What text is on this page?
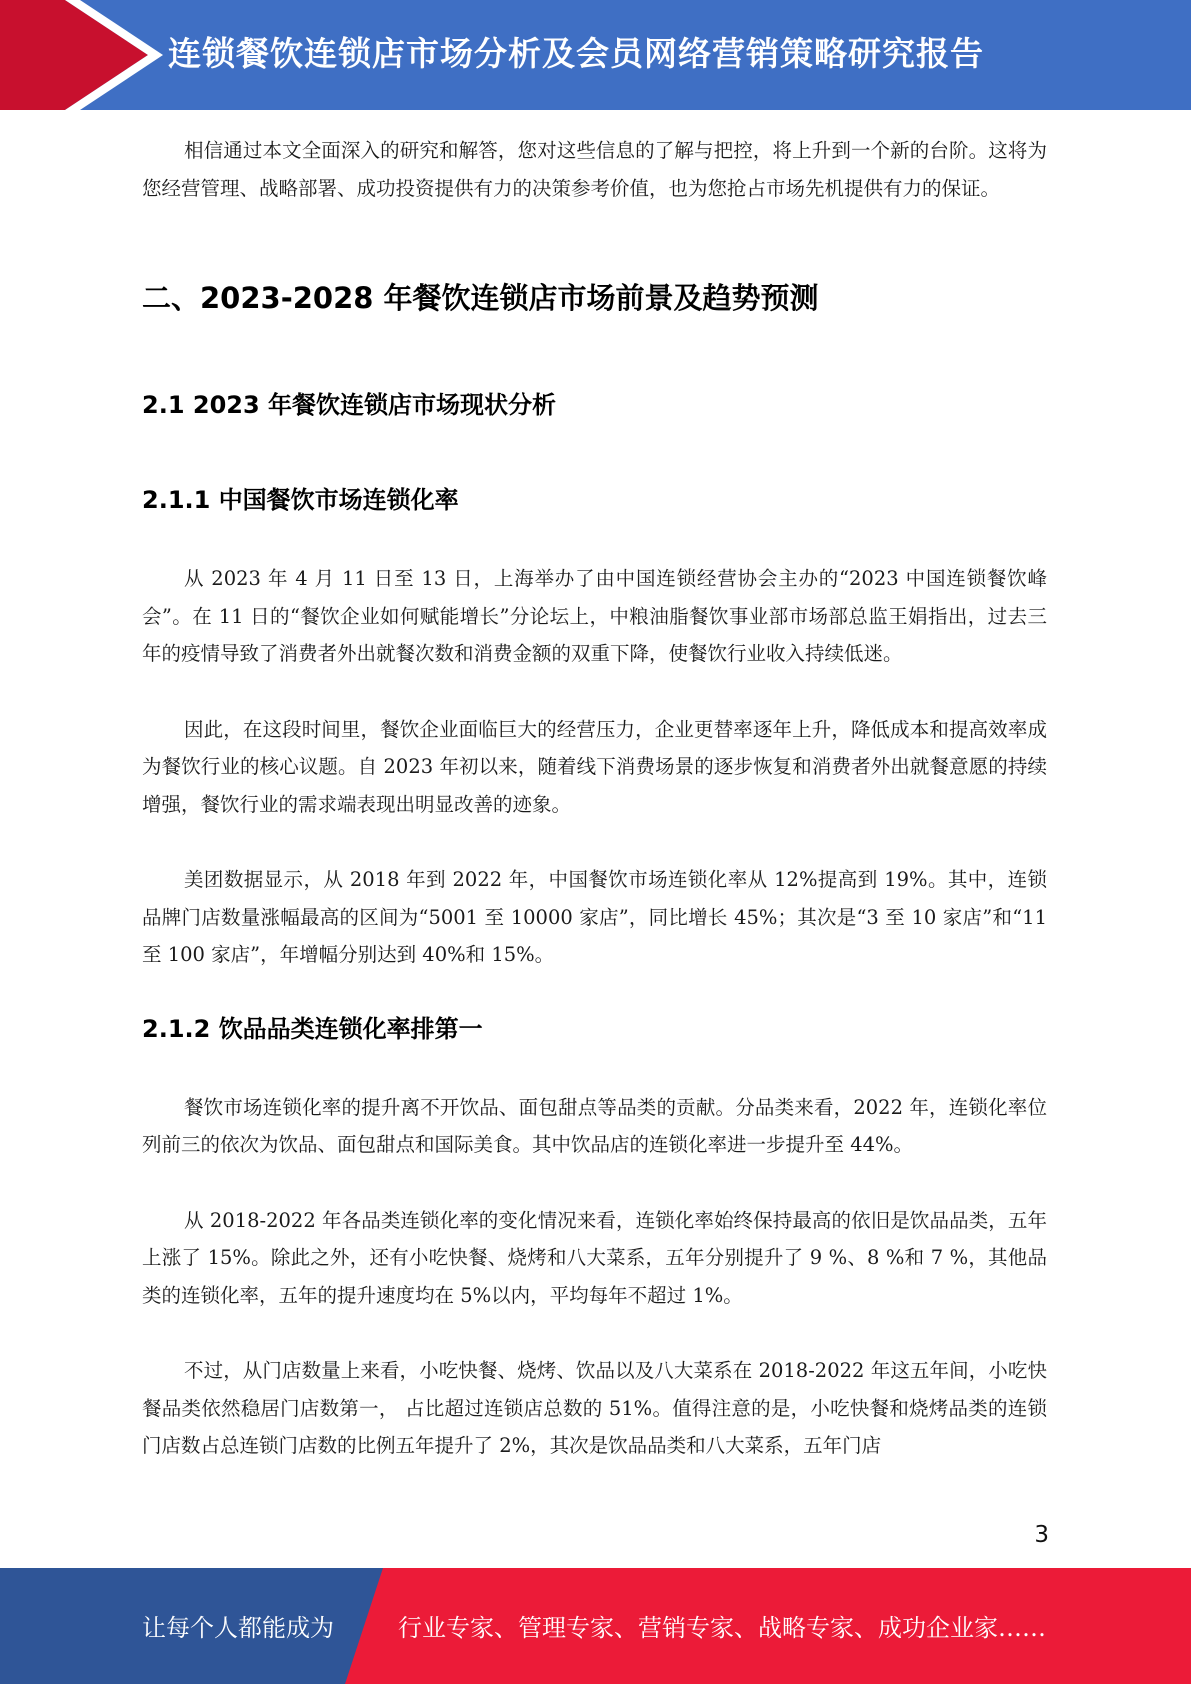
连锁餐饮连锁店市场分析及会员网络营销策略研究报告

相信通过本文全面深入的研究和解答，您对这些信息的了解与把控，将上升到一个新的台阶。这将为您经营管理、战略部署、成功投资提供有力的决策参考价值，也为您抢占市场先机提供有力的保证。

二、2023-2028 年餐饮连锁店市场前景及趋势预测
2.1 2023 年餐饮连锁店市场现状分析
2.1.1 中国餐饮市场连锁化率

从 2023 年 4 月 11 日至 13 日，上海举办了由中国连锁经营协会主办的“2023 中国连锁餐饮峰会”。在 11 日的“餐饮企业如何赋能增长”分论坛上，中粮油脂餐饮事业部市场部总监王娟指出，过去三年的疫情导致了消费者外出就餐次数和消费金额的双重下降，使餐饮行业收入持续低迷。

因此，在这段时间里，餐饮企业面临巨大的经营压力，企业更替率逐年上升，降低成本和提高效率成为餐饮行业的核心议题。自 2023 年初以来，随着线下消费场景的逐步恢复和消费者外出就餐意愿的持续增强，餐饮行业的需求端表现出明显改善的迹象。

美团数据显示，从 2018 年到 2022 年，中国餐饮市场连锁化率从 12%提高到 19%。其中，连锁品牌门店数量涨幅最高的区间为“5001 至 10000 家店”，同比增长 45%；其次是“3 至 10 家店”和“11 至 100 家店”，年增幅分别达到 40%和 15%。

2.1.2 饮品品类连锁化率排第一

餐饮市场连锁化率的提升离不开饮品、面包甜点等品类的贡献。分品类来看，2022 年，连锁化率位列前三的依次为饮品、面包甜点和国际美食。其中饮品店的连锁化率进一步提升至 44%。

从 2018-2022 年各品类连锁化率的变化情况来看，连锁化率始终保持最高的依旧是饮品品类，五年上涨了 15%。除此之外，还有小吃快餐、烧烤和八大菜系，五年分别提升了 9 %、8 %和 7 %，其他品类的连锁化率，五年的提升速度均在 5%以内，平均每年不超过 1%。

不过，从门店数量上来看，小吃快餐、烧烤、饮品以及八大菜系在 2018-2022 年这五年间，小吃快餐品类依然稳居门店数第一， 占比超过连锁店总数的 51%。值得注意的是，小吃快餐和烧烤品类的连锁门店数占总连锁门店数的比例五年提升了 2%，其次是饮品品类和八大菜系，五年门店

3
让每个人都能成为	行业专家、管理专家、营销专家、战略专家、成功企业家……
